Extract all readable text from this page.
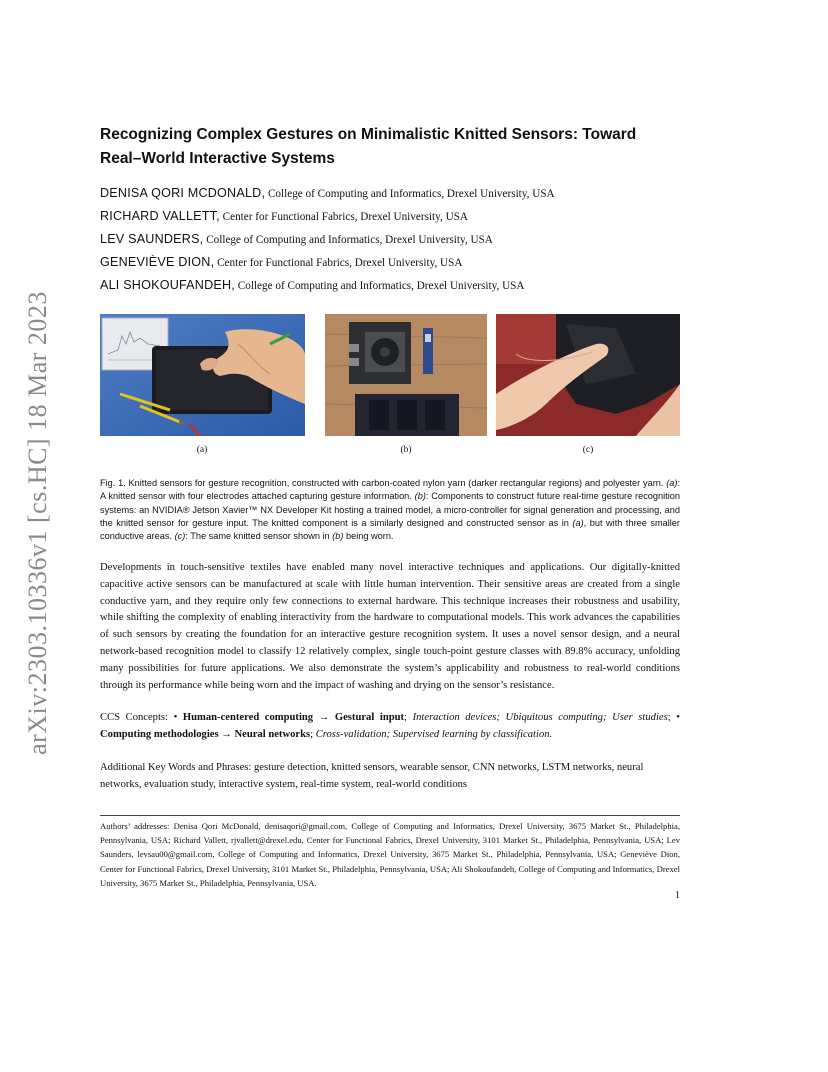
arXiv:2303.10336v1 [cs.HC] 18 Mar 2023
Recognizing Complex Gestures on Minimalistic Knitted Sensors: Toward
Real–World Interactive Systems
DENISA QORI MCDONALD, College of Computing and Informatics, Drexel University, USA
RICHARD VALLETT, Center for Functional Fabrics, Drexel University, USA
LEV SAUNDERS, College of Computing and Informatics, Drexel University, USA
GENEVIÈVE DION, Center for Functional Fabrics, Drexel University, USA
ALI SHOKOUFANDEH, College of Computing and Informatics, Drexel University, USA
(a)	(b)	(c)

Fig. 1. Knitted sensors for gesture recognition, constructed with carbon-coated nylon yarn (darker rectangular regions) and polyester yarn. (a): A knitted sensor with four electrodes attached capturing gesture information. (b): Components to construct future real-time gesture recognition systems: an NVIDIA® Jetson Xavier™ NX Developer Kit hosting a trained model, a micro-controller for signal generation and processing, and the knitted sensor for gesture input. The knitted component is a similarly designed and constructed sensor as in (a), but with three smaller conductive areas. (c): The same knitted sensor shown in (b) being worn.

Developments in touch-sensitive textiles have enabled many novel interactive techniques and applications. Our digitally-knitted capacitive active sensors can be manufactured at scale with little human intervention. Their sensitive areas are created from a single conductive yarn, and they require only few connections to external hardware. This technique increases their robustness and usability, while shifting the complexity of enabling interactivity from the hardware to computational models. This work advances the capabilities of such sensors by creating the foundation for an interactive gesture recognition system. It uses a novel sensor design, and a neural network-based recognition model to classify 12 relatively complex, single touch-point gesture classes with 89.8% accuracy, unfolding many possibilities for future applications. We also demonstrate the system’s applicability and robustness to real-world conditions through its performance while being worn and the impact of washing and drying on the sensor’s resistance.

CCS Concepts: • Human-centered computing → Gestural input; Interaction devices; Ubiquitous computing; User studies; • Computing methodologies → Neural networks; Cross-validation; Supervised learning by classification.

Additional Key Words and Phrases: gesture detection, knitted sensors, wearable sensor, CNN networks, LSTM networks, neural networks, evaluation study, interactive system, real-time system, real-world conditions

Authors’ addresses: Denisa Qori McDonald, denisaqori@gmail.com, College of Computing and Informatics, Drexel University, 3675 Market St., Philadelphia, Pennsylvania, USA; Richard Vallett, rjvallett@drexel.edu, Center for Functional Fabrics, Drexel University, 3101 Market St., Philadelphia, Pennsylvania, USA; Lev Saunders, levsau00@gmail.com, College of Computing and Informatics, Drexel University, 3675 Market St., Philadelphia, Pennsylvania, USA; Geneviève Dion, Center for Functional Fabrics, Drexel University, 3101 Market St., Philadelphia, Pennsylvania, USA; Ali Shokoufandeh, College of Computing and Informatics, Drexel University, 3675 Market St., Philadelphia, Pennsylvania, USA.

1
